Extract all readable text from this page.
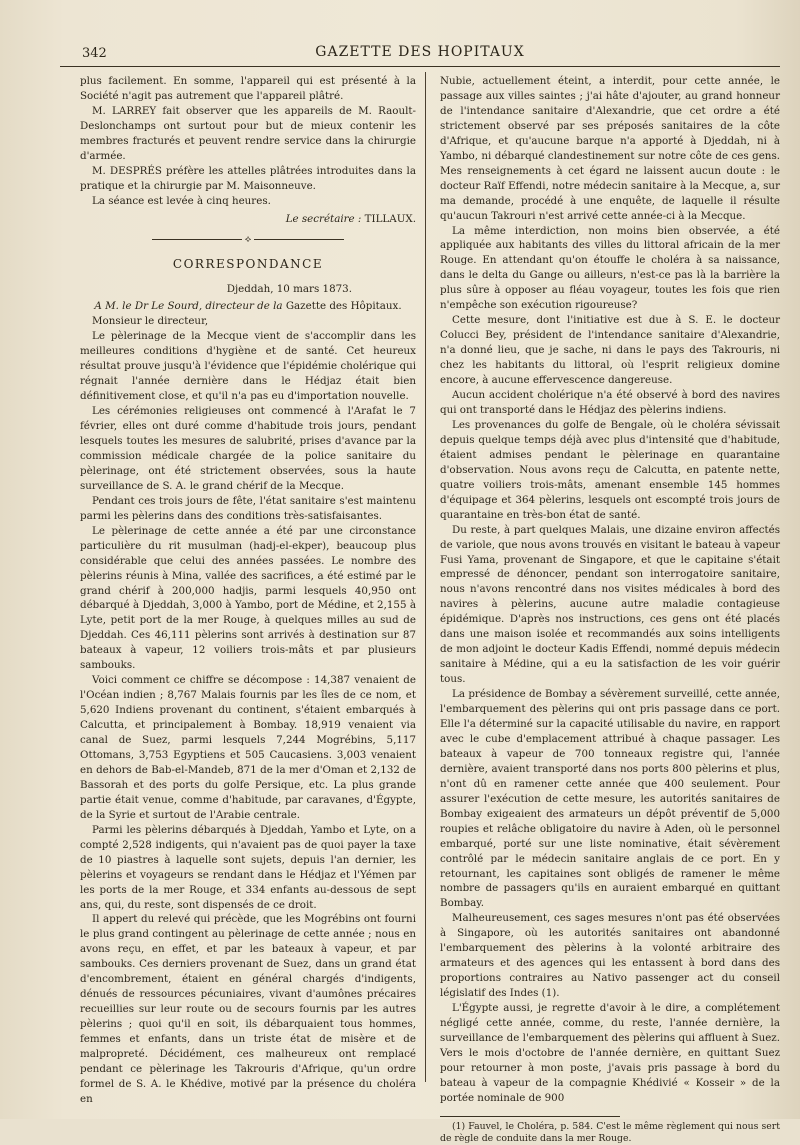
342	GAZETTE DES HOPITAUX

plus facilement. En somme, l'appareil qui est présenté à la Société n'agit pas autrement que l'appareil plâtré.

M. LARREY fait observer que les appareils de M. Raoult-Deslonchamps ont surtout pour but de mieux contenir les membres fracturés et peuvent rendre service dans la chirurgie d'armée.

M. DESPRÉS préfère les attelles plâtrées introduites dans la pratique et la chirurgie par M. Maisonneuve.

La séance est levée à cinq heures.

Le secrétaire : TILLAUX.
⟡
CORRESPONDANCE
Djeddah, 10 mars 1873.
A M. le Dr Le Sourd, directeur de la Gazette des Hôpitaux.

Monsieur le directeur,

Le pèlerinage de la Mecque vient de s'accomplir dans les meilleures conditions d'hygiène et de santé. Cet heureux résultat prouve jusqu'à l'évidence que l'épidémie cholérique qui régnait l'année dernière dans le Hédjaz était bien définitivement close, et qu'il n'a pas eu d'importation nouvelle.

Les cérémonies religieuses ont commencé à l'Arafat le 7 février, elles ont duré comme d'habitude trois jours, pendant lesquels toutes les mesures de salubrité, prises d'avance par la commission médicale chargée de la police sanitaire du pèlerinage, ont été strictement observées, sous la haute surveillance de S. A. le grand chérif de la Mecque.

Pendant ces trois jours de fête, l'état sanitaire s'est maintenu parmi les pèlerins dans des conditions très-satisfaisantes.

Le pèlerinage de cette année a été par une circonstance particulière du rit musulman (hadj-el-ekper), beaucoup plus considérable que celui des années passées. Le nombre des pèlerins réunis à Mina, vallée des sacrifices, a été estimé par le grand chérif à 200,000 hadjis, parmi lesquels 40,950 ont débarqué à Djeddah, 3,000 à Yambo, port de Médine, et 2,155 à Lyte, petit port de la mer Rouge, à quelques milles au sud de Djeddah. Ces 46,111 pèlerins sont arrivés à destination sur 87 bateaux à vapeur, 12 voiliers trois-mâts et par plusieurs sambouks.

Voici comment ce chiffre se décompose : 14,387 venaient de l'Océan indien ; 8,767 Malais fournis par les îles de ce nom, et 5,620 Indiens provenant du continent, s'étaient embarqués à Calcutta, et principalement à Bombay. 18,919 venaient via canal de Suez, parmi lesquels 7,244 Mogrébins, 5,117 Ottomans, 3,753 Egyptiens et 505 Caucasiens. 3,003 venaient en dehors de Bab-el-Mandeb, 871 de la mer d'Oman et 2,132 de Bassorah et des ports du golfe Persique, etc. La plus grande partie était venue, comme d'habitude, par caravanes, d'Égypte, de la Syrie et surtout de l'Arabie centrale.

Parmi les pèlerins débarqués à Djeddah, Yambo et Lyte, on a compté 2,528 indigents, qui n'avaient pas de quoi payer la taxe de 10 piastres à laquelle sont sujets, depuis l'an dernier, les pèlerins et voyageurs se rendant dans le Hédjaz et l'Yémen par les ports de la mer Rouge, et 334 enfants au-dessous de sept ans, qui, du reste, sont dispensés de ce droit.

Il appert du relevé qui précède, que les Mogrébins ont fourni le plus grand contingent au pèlerinage de cette année ; nous en avons reçu, en effet, et par les bateaux à vapeur, et par sambouks. Ces derniers provenant de Suez, dans un grand état d'encombrement, étaient en général chargés d'indigents, dénués de ressources pécuniaires, vivant d'aumônes précaires recueillies sur leur route ou de secours fournis par les autres pèlerins ; quoi qu'il en soit, ils débarquaient tous hommes, femmes et enfants, dans un triste état de misère et de malpropreté. Décidément, ces malheureux ont remplacé pendant ce pèlerinage les Takrouris d'Afrique, qu'un ordre formel de S. A. le Khédive, motivé par la présence du choléra en

Nubie, actuellement éteint, a interdit, pour cette année, le passage aux villes saintes ; j'ai hâte d'ajouter, au grand honneur de l'intendance sanitaire d'Alexandrie, que cet ordre a été strictement observé par ses préposés sanitaires de la côte d'Afrique, et qu'aucune barque n'a apporté à Djeddah, ni à Yambo, ni débarqué clandestinement sur notre côte de ces gens. Mes renseignements à cet égard ne laissent aucun doute : le docteur Raïf Effendi, notre médecin sanitaire à la Mecque, a, sur ma demande, procédé à une enquête, de laquelle il résulte qu'aucun Takrouri n'est arrivé cette année-ci à la Mecque.

La même interdiction, non moins bien observée, a été appliquée aux habitants des villes du littoral africain de la mer Rouge. En attendant qu'on étouffe le choléra à sa naissance, dans le delta du Gange ou ailleurs, n'est-ce pas là la barrière la plus sûre à opposer au fléau voyageur, toutes les fois que rien n'empêche son exécution rigoureuse?

Cette mesure, dont l'initiative est due à S. E. le docteur Colucci Bey, président de l'intendance sanitaire d'Alexandrie, n'a donné lieu, que je sache, ni dans le pays des Takrouris, ni chez les habitants du littoral, où l'esprit religieux domine encore, à aucune effervescence dangereuse.

Aucun accident cholérique n'a été observé à bord des navires qui ont transporté dans le Hédjaz des pèlerins indiens.

Les provenances du golfe de Bengale, où le choléra sévissait depuis quelque temps déjà avec plus d'intensité que d'habitude, étaient admises pendant le pèlerinage en quarantaine d'observation. Nous avons reçu de Calcutta, en patente nette, quatre voiliers trois-mâts, amenant ensemble 145 hommes d'équipage et 364 pèlerins, lesquels ont escompté trois jours de quarantaine en très-bon état de santé.

Du reste, à part quelques Malais, une dizaine environ affectés de variole, que nous avons trouvés en visitant le bateau à vapeur Fusi Yama, provenant de Singapore, et que le capitaine s'était empressé de dénoncer, pendant son interrogatoire sanitaire, nous n'avons rencontré dans nos visites médicales à bord des navires à pèlerins, aucune autre maladie contagieuse épidémique. D'après nos instructions, ces gens ont été placés dans une maison isolée et recommandés aux soins intelligents de mon adjoint le docteur Kadis Effendi, nommé depuis médecin sanitaire à Médine, qui a eu la satisfaction de les voir guérir tous.

La présidence de Bombay a sévèrement surveillé, cette année, l'embarquement des pèlerins qui ont pris passage dans ce port. Elle l'a déterminé sur la capacité utilisable du navire, en rapport avec le cube d'emplacement attribué à chaque passager. Les bateaux à vapeur de 700 tonneaux registre qui, l'année dernière, avaient transporté dans nos ports 800 pèlerins et plus, n'ont dû en ramener cette année que 400 seulement. Pour assurer l'exécution de cette mesure, les autorités sanitaires de Bombay exigeaient des armateurs un dépôt préventif de 5,000 roupies et relâche obligatoire du navire à Aden, où le personnel embarqué, porté sur une liste nominative, était sévèrement contrôlé par le médecin sanitaire anglais de ce port. En y retournant, les capitaines sont obligés de ramener le même nombre de passagers qu'ils en auraient embarqué en quittant Bombay.

Malheureusement, ces sages mesures n'ont pas été observées à Singapore, où les autorités sanitaires ont abandonné l'embarquement des pèlerins à la volonté arbitraire des armateurs et des agences qui les entassent à bord dans des proportions contraires au Nativo passenger act du conseil législatif des Indes (1).

L'Égypte aussi, je regrette d'avoir à le dire, a complétement négligé cette année, comme, du reste, l'année dernière, la surveillance de l'embarquement des pèlerins qui affluent à Suez. Vers le mois d'octobre de l'année dernière, en quittant Suez pour retourner à mon poste, j'avais pris passage à bord du bateau à vapeur de la compagnie Khédivié « Kosseir » de la portée nominale de 900

(1) Fauvel, le Choléra, p. 584. C'est le même règlement qui nous sert de règle de conduite dans la mer Rouge.
